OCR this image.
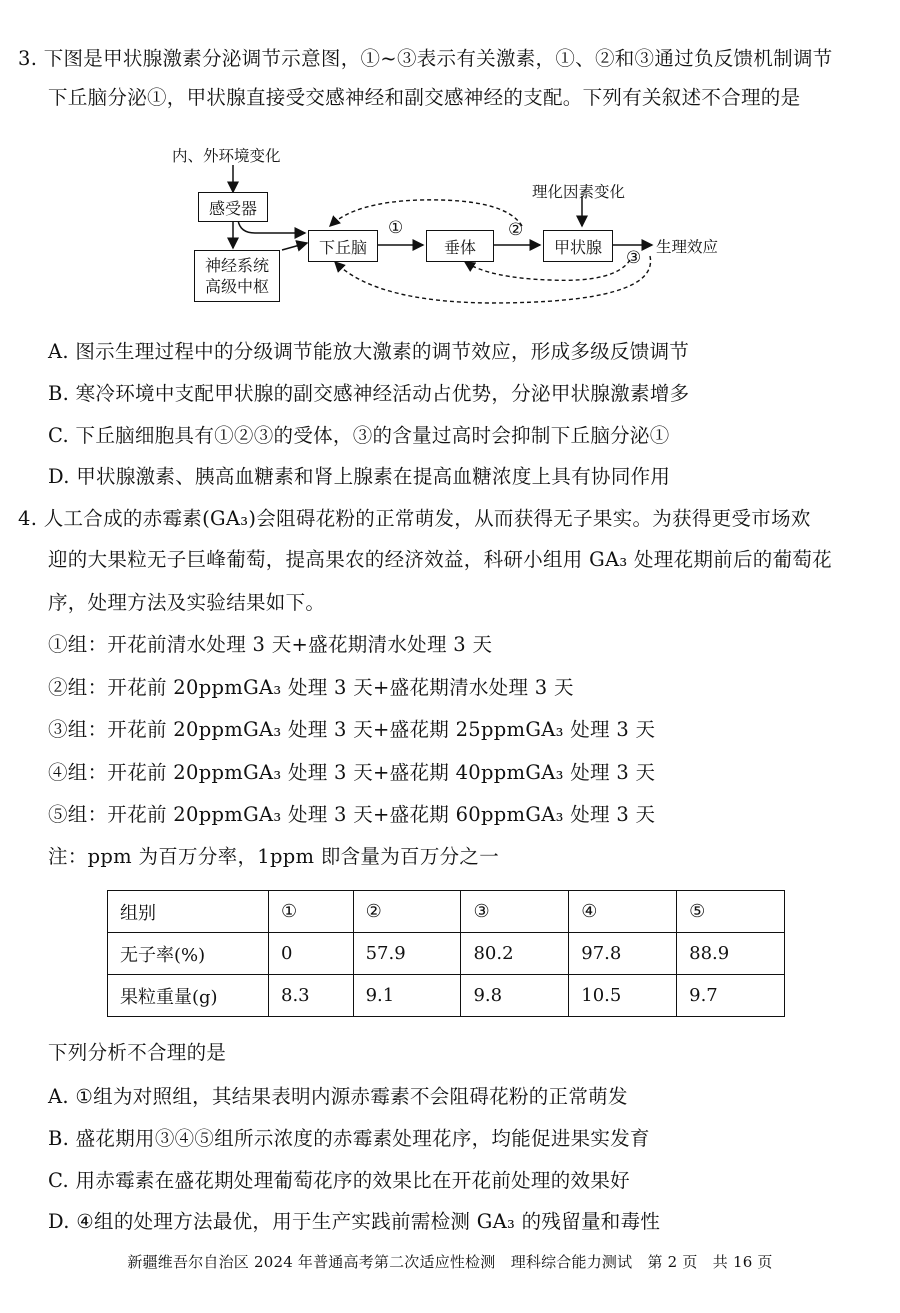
3. 下图是甲状腺激素分泌调节示意图，①~③表示有关激素，①、②和③通过负反馈机制调节
下丘脑分泌①，甲状腺直接受交感神经和副交感神经的支配。下列有关叙述不合理的是
内、外环境变化
感受器
神经系统
高级中枢
下丘脑	垂体	甲状腺
理化因素变化
生理效应
①	②
③
A. 图示生理过程中的分级调节能放大激素的调节效应，形成多级反馈调节
B. 寒冷环境中支配甲状腺的副交感神经活动占优势，分泌甲状腺激素增多
C. 下丘脑细胞具有①②③的受体，③的含量过高时会抑制下丘脑分泌①
D. 甲状腺激素、胰高血糖素和肾上腺素在提高血糖浓度上具有协同作用
4. 人工合成的赤霉素(GA₃)会阻碍花粉的正常萌发，从而获得无子果实。为获得更受市场欢
迎的大果粒无子巨峰葡萄，提高果农的经济效益，科研小组用 GA₃ 处理花期前后的葡萄花
序，处理方法及实验结果如下。
①组：开花前清水处理 3 天+盛花期清水处理 3 天
②组：开花前 20ppmGA₃ 处理 3 天+盛花期清水处理 3 天
③组：开花前 20ppmGA₃ 处理 3 天+盛花期 25ppmGA₃ 处理 3 天
④组：开花前 20ppmGA₃ 处理 3 天+盛花期 40ppmGA₃ 处理 3 天
⑤组：开花前 20ppmGA₃ 处理 3 天+盛花期 60ppmGA₃ 处理 3 天
注：ppm 为百万分率，1ppm 即含量为百万分之一
组别	①	②	③	④	⑤
无子率(%)	0	57.9	80.2	97.8	88.9
果粒重量(g)	8.3	9.1	9.8	10.5	9.7
下列分析不合理的是
A. ①组为对照组，其结果表明内源赤霉素不会阻碍花粉的正常萌发
B. 盛花期用③④⑤组所示浓度的赤霉素处理花序，均能促进果实发育
C. 用赤霉素在盛花期处理葡萄花序的效果比在开花前处理的效果好
D. ④组的处理方法最优，用于生产实践前需检测 GA₃ 的残留量和毒性
新疆维吾尔自治区 2024 年普通高考第二次适应性检测　理科综合能力测试　第 2 页　共 16 页
